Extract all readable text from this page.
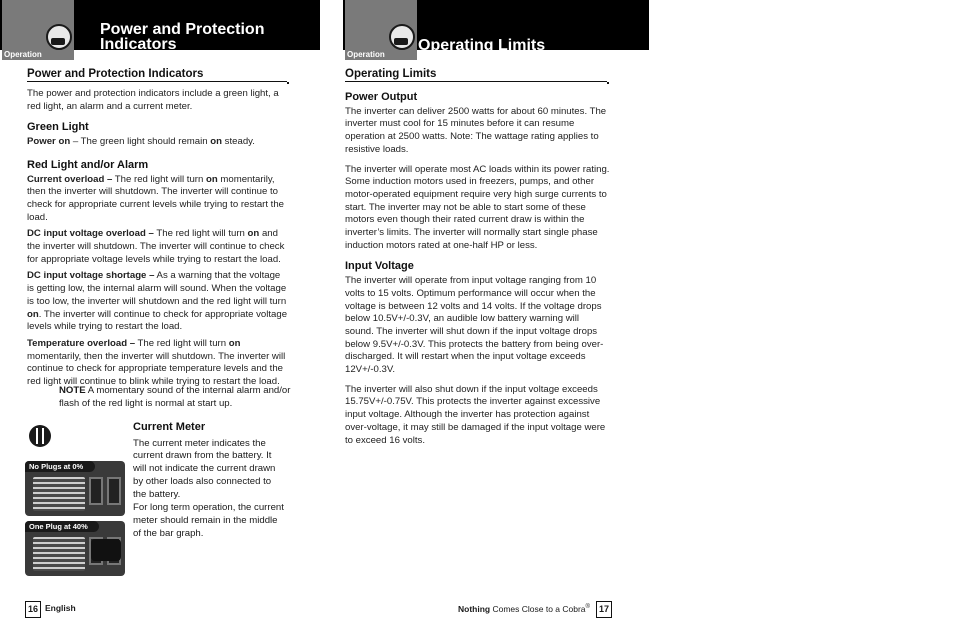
Operation
Power and Protection
Indicators
Power and Protection Indicators

The power and protection indicators include a green light, a red light, an alarm and a current meter.

Green Light

Power on – The green light should remain on steady.

Red Light and/or Alarm

Current overload – The red light will turn on momentarily, then the inverter will shutdown. The inverter will continue to check for appropriate current levels while trying to restart the load.

DC input voltage overload – The red light will turn on and the inverter will shutdown. The inverter will continue to check for appropriate voltage levels while trying to restart the load.

DC input voltage shortage – As a warning that the voltage is getting low, the internal alarm will sound. When the voltage is too low, the inverter will shutdown and the red light will turn on. The inverter will continue to check for appropriate voltage levels while trying to restart the load.

Temperature overload – The red light will turn on momentarily, then the inverter will shutdown. The inverter will continue to check for appropriate temperature levels and the red light will continue to blink while trying to restart the load.

NOTE A momentary sound of the internal alarm and/or flash of the red light is normal at start up.
No Plugs at 0%
One Plug at 40%
Current Meter

The current meter indicates the current drawn from the battery. It will not indicate the current drawn by other loads also connected to the battery.

For long term operation, the current meter should remain in the middle of the bar graph.

16 English
Operation
Operating Limits
Operating Limits
Power Output

The inverter can deliver 2500 watts for about 60 minutes. The inverter must cool for 15 minutes before it can resume operation at 2500 watts. Note: The wattage rating applies to resistive loads.

The inverter will operate most AC loads within its power rating. Some induction motors used in freezers, pumps, and other motor-operated equipment require very high surge currents to start. The inverter may not be able to start some of these motors even though their rated current draw is within the inverter’s limits. The inverter will normally start single phase induction motors rated at one-half HP or less.

Input Voltage

The inverter will operate from input voltage ranging from 10 volts to 15 volts. Optimum performance will occur when the voltage is between 12 volts and 14 volts. If the voltage drops below 10.5V+/-0.3V, an audible low battery warning will sound. The inverter will shut down if the input voltage drops below 9.5V+/-0.3V. This protects the battery from being over-discharged. It will restart when the input voltage exceeds 12V+/-0.3V.

The inverter will also shut down if the input voltage exceeds 15.75V+/-0.75V. This protects the inverter against excessive input voltage. Although the inverter has protection against over-voltage, it may still be damaged if the input voltage were to exceed 16 volts.

Nothing Comes Close to a Cobra®	17
